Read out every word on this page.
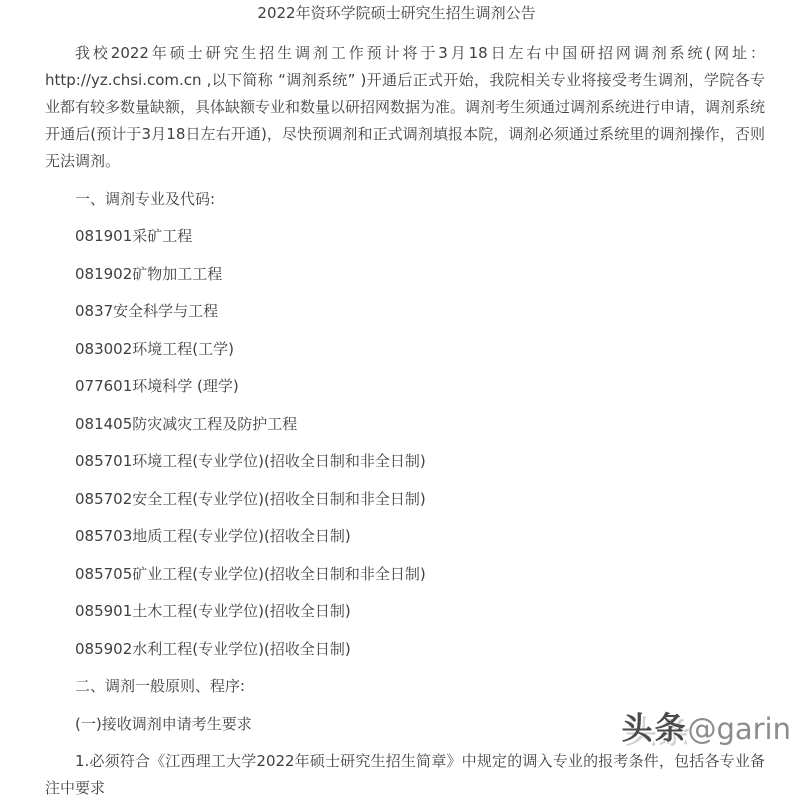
2022年资环学院硕士研究生招生调剂公告

我校2022年硕士研究生招生调剂工作预计将于3月18日左右中国研招网调剂系统(网址：http://yz.chsi.com.cn ,以下简称 “调剂系统” )开通后正式开始，我院相关专业将接受考生调剂，学院各专业都有较多数量缺额，具体缺额专业和数量以研招网数据为准。调剂考生须通过调剂系统进行申请，调剂系统开通后(预计于3月18日左右开通)，尽快预调剂和正式调剂填报本院，调剂必须通过系统里的调剂操作，否则无法调剂。

一、调剂专业及代码:

081901采矿工程

081902矿物加工工程

0837安全科学与工程

083002环境工程(工学)

077601环境科学 (理学)

081405防灾减灾工程及防护工程

085701环境工程(专业学位)(招收全日制和非全日制)

085702安全工程(专业学位)(招收全日制和非全日制)

085703地质工程(专业学位)(招收全日制)

085705矿业工程(专业学位)(招收全日制和非全日制)

085901土木工程(专业学位)(招收全日制)

085902水利工程(专业学位)(招收全日制)

二、调剂一般原则、程序:

(一)接收调剂申请考生要求

1.必须符合《江西理工大学2022年硕士研究生招生简章》中规定的调入专业的报考条件，包括各专业备注中要求

头条@garin
